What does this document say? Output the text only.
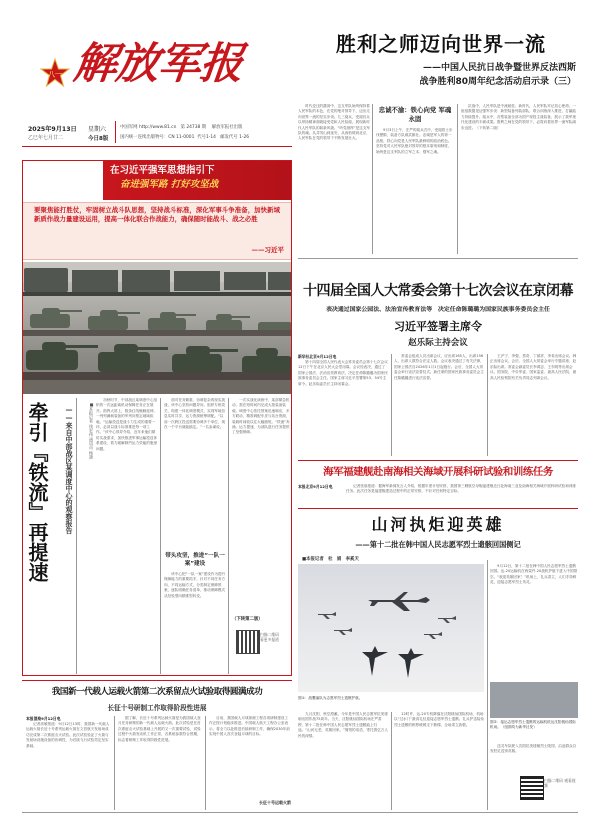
八一 解放军报
2025年9月13日 星期六
乙巳年七月廿二	今日8版
中国军网 http://www.81.cn 第 24738 期 解放军报社出版
国内统一连续出版物号：CN 11-0001 代号1-14 邮发代号 1-26
胜利之师迈向世界一流
——中国人民抗日战争暨世界反法西斯
战争胜利80周年纪念活动启示录（三）
　　时代变迁的激荡中，这支军队始终保持着人民军队的本色，在党的绝对领导下，迈出走向世界一流的坚实步伐。九三阅兵，受阅官兵以昂扬精神面貌接受党和人民检阅，展现新时代人民军队的崭新风貌。“听党指挥”是这支军队的魂。从井冈山到延安，从西柏坡到北京，人民军队在党的领导下不断发展壮大。
忠诚不渝：铁心向党 军魂永固
　　9月3日上午，庄严的阅兵式中，受阅将士步伐铿锵，装备方队威武雄壮。忠诚是军人的第一品格，铁心向党是人民军队最鲜明的政治底色。坚持党对人民军队绝对领导的根本原则和制度，始终是这支军队的立军之本、强军之魂。
　　抗战中，人民军队是中流砥柱；新时代，人民军队牢记初心使命。一组组数据见证强军步伐：新型装备列装部队，联合训练深入推进，打赢能力持续提升。阅兵中，各型装备全部为国产现役主战装备，展示了我军现代化建设的丰硕成果。胜利之师在党的领导下，必将向着世界一流军队阔步迈进。（下转第二版）
在习近平强军思想指引下
奋进强军路 打好攻坚战
要聚焦能打胜仗，牢固树立战斗队思想，坚持战斗标准，深化军事斗争准备，加快新域新质作战力量建设运用，提高一体化联合作战能力，确保随时能战斗、战之必胜
——习近平
牵引『铁流』再提速	——来自中部战区某调度中心的观察报告	■本报记者 钱宏伟 通讯员 杨潇
　　初秋时节，中部战区某调度中心组织的一次远距离机动保障任务正在展开。指挥大屏上，数条红线蜿蜒延伸，一列列满载装备的军列向预定地域疾驰。“运输投送是战斗力生成的重要一环，必须以战斗标准推进每一项工作。”该中心领导介绍，近年来他们紧盯实战需求，加快推进军事运输投送体系建设，着力破解制约运力效能的瓶颈问题。
　　面对任务繁重、协调复杂的现实挑战，该中心坚持问题导向，组织专班攻关，构建一体化调度模式，实现军地信息实时共享、运力资源统筹调配。“以前一次跨区投送需要协调多个单位，现在一个平台就能搞定。”一名参谋说。
带头攻坚，推进“一队一案”建设
　　该中心把“一队一案”建设作为提升保障能力的重要抓手，针对不同任务方向、不同运输方式，分类制定保障预案，逐队明确任务清单，推动保障模式从经验型向精准型转变。
　　一次实战化演练中，某部紧急机动，需在短时间内完成大批装备装载。调度中心依托预案迅速响应，多方联动，精准调配车皮与站台资源，装载时间较以往大幅缩短。“铁流”奔涌，运力提速，为部队遂行任务提供了坚强保障。
（下转第二版）
扫描二维码
看更多报道
十四届全国人大常委会第十七次会议在京闭幕
表决通过国家公园法、法治宣传教育法等　决定任命陈璐璐为国家民族事务委员会主任
习近平签署主席令
赵乐际主持会议
新华社北京9月12日电
　　第十四届全国人民代表大会常务委员会第十七次会议12日下午在北京人民大会堂闭幕。会议经表决，通过了国家公园法、法治宣传教育法，决定任命陈璐璐为国家民族事务委员会主任。国家主席习近平签署第53、54号主席令。赵乐际委员长主持闭幕会。
　　常委会组成人员出席会议，应出席165人，出席156人，出席人数符合法定人数。会议表决通过了有关法律，国家公园法自2026年1月1日起施行。会后，全国人大常委会举行宪法宣誓仪式。新任命的国家民族事务委员会主任陈璐璐进行宪法宣誓。
　　王沪宁、李强、蔡奇、丁薛祥、李希出席会议。韩正出席会议。会后，全国人大常委会举行专题讲座，赵乐际出席。常委会副委员长李鸿忠、王东明等出席会议。国务院、中央军委、国家监委、最高人民法院、最高人民检察院有关负责同志列席会议。
海军福建舰赴南海相关海域开展科研试验和训练任务
本报北京9月12日电	　　记者张晗报道：据海军新闻发言人介绍，根据年度计划安排，我国第三艘航空母舰福建舰近日赴海南三亚及南海相关海域开展科研试验和训练任务。此次任务是福建舰建造过程中的正常安排，不针对任何特定目标。
山河执炬迎英雄
——第十二批在韩中国人民志愿军烈士遗骸回国侧记
■本报记者　杜　娟　李奚天
图①：战鹰编队为志愿军烈士遗骸护航。
　　9月12日，第十二批在韩中国人民志愿军烈士遗骸回国。运-20运输机在两架歼-20战机护航下进入中国领空。“欢迎英雄回家！”机场上，礼兵肃立，人们手持鲜花，迎接志愿军烈士英灵。
图②：接运志愿军烈士遗骸的运输机抵达沈阳桃仙国际机场。（组图均为新华社发）
　　送灵车队驶入沈阳抗美援朝烈士陵园，沿途群众自发驻足送别英雄。
　　九月沈阳，秋空澄澈。今年是中国人民志愿军抗美援朝出国作战75周年。当天，沈阳桃仙国际机场庄严肃穆，第十二批在韩中国人民志愿军烈士遗骸踏上归途。“山河无恙，英雄回家。”简短的话语，寄托着亿万人民的深情。
　　12时许，运-20专机降落在沈阳桃仙国际机场，机场以“过水门”最高礼仪迎接志愿军烈士遗骸。礼兵护送装殓烈士遗骸的棺椁缓缓走下舷梯，全场肃立致敬。
扫描二维码 观看视频
我国新一代载人运载火箭第二次系留点火试验取得圆满成功
长征十号研制工作取得阶段性进展
本报酒泉9月12日电
　　记者高敏报道：9月12日13时，我国新一代载人运载火箭长征十号系列运载火箭在文昌航天发射场成功完成第二次系留点火试验。此次试验验证了火箭与发射场设施设备的协调性，为后续飞行试验奠定坚实基础。
　　据了解，长征十号系列运载火箭是为我国载人登月任务研制的新一代载人运载火箭。此次试验是在首次系留点火试验基础上开展的又一次重要试验，试验过程中火箭发动机工作正常，各系统参数符合预期，标志着研制工作取得阶段性进展。
　　目前，我国载人月球探测工程各项研制建设工作正按计划稳步推进。中国载人航天工程办公室表示，将全力以赴推进后续研制工作，确保2030年前实现中国人首次登陆月球的目标。
长征十号运载火箭
